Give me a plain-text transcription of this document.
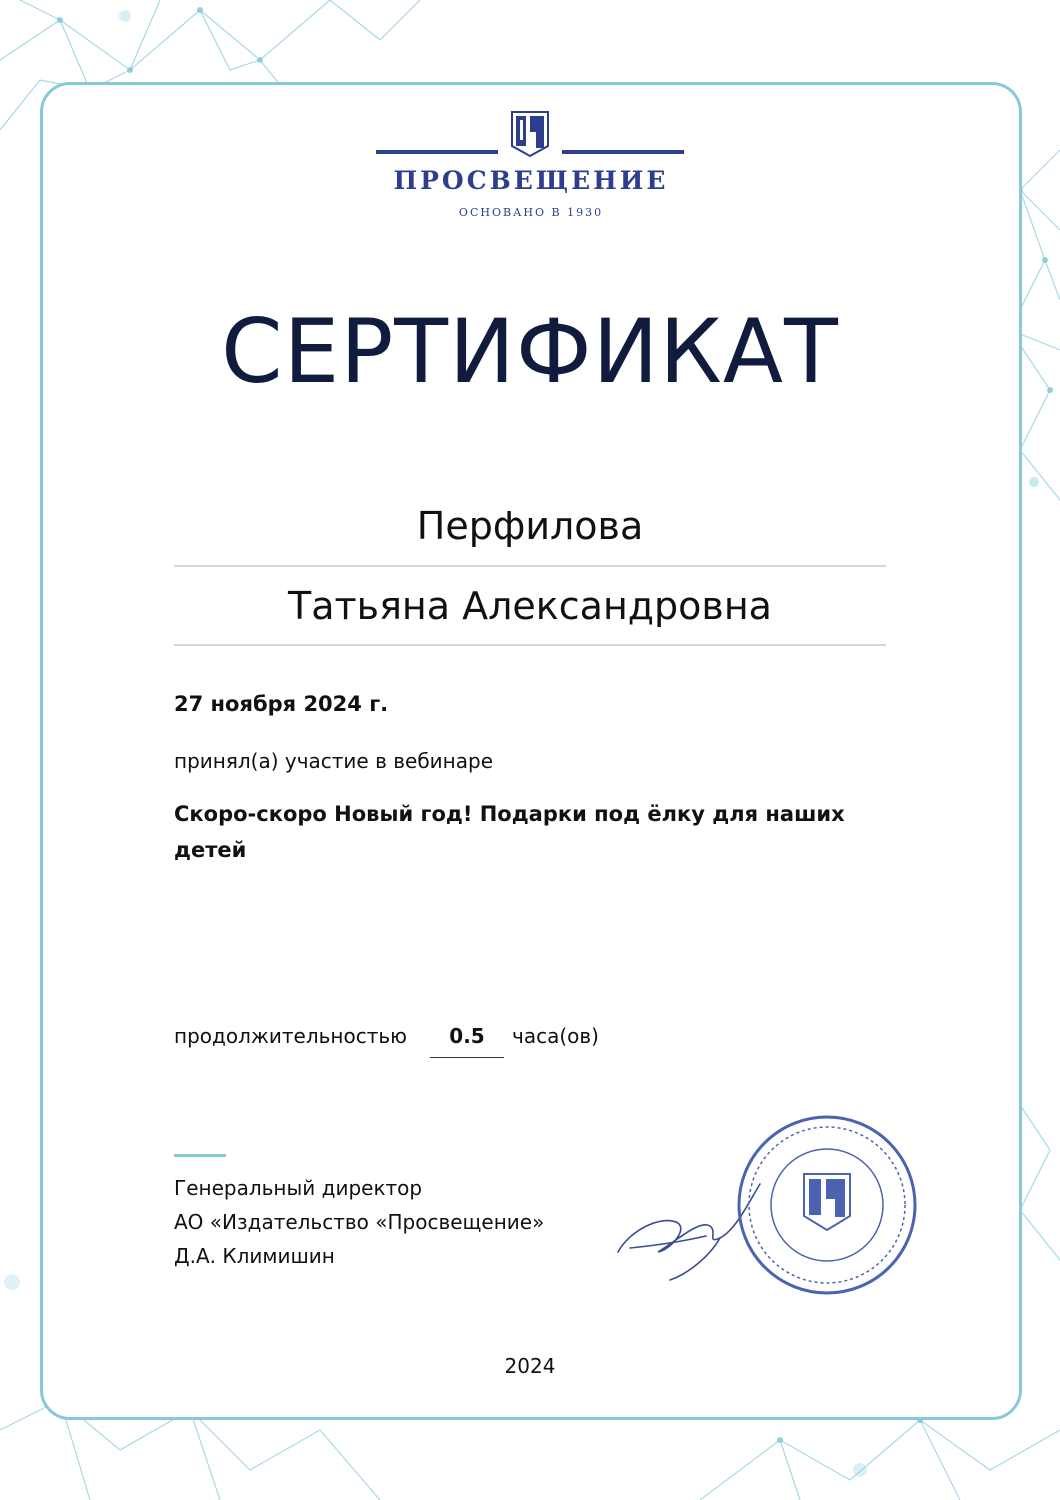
ПРОСВЕЩЕНИЕ
ОСНОВАНО В 1930
СЕРТИФИКАТ
Перфилова
Татьяна Александровна
27 ноября 2024 г.
принял(а) участие в вебинаре
Скоро-скоро Новый год! Подарки под ёлку для наших детей
продолжительностью	0.5	часа(ов)
Генеральный директор
АО «Издательство «Просвещение»
Д.А. Климишин
2024
